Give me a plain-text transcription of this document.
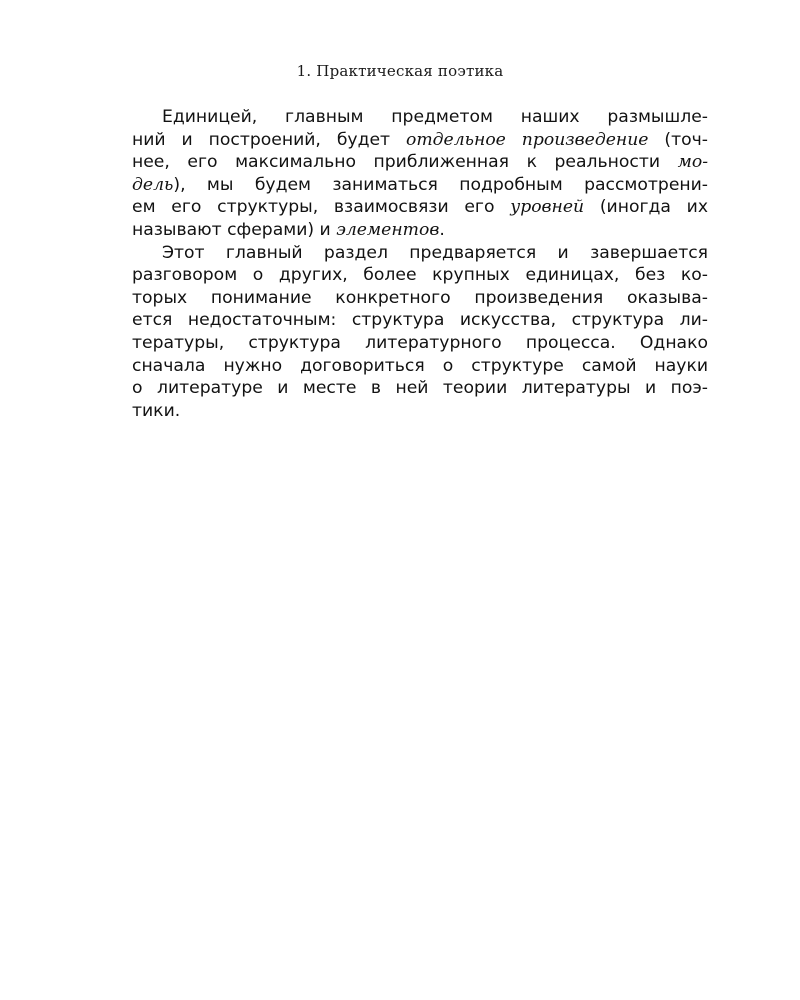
1. Практическая поэтика
Единицей, главным предметом наших размышле-
ний и построений, будет отдельное произведение (точ-
нее, его максимально приближенная к реальности мо-
дель), мы будем заниматься подробным рассмотрени-
ем его структуры, взаимосвязи его уровней (иногда их
называют сферами) и элементов.
Этот главный раздел предваряется и завершается
разговором о других, более крупных единицах, без ко-
торых понимание конкретного произведения оказыва-
ется недостаточным: структура искусства, структура ли-
тературы, структура литературного процесса. Однако
сначала нужно договориться о структуре самой науки
о литературе и месте в ней теории литературы и поэ-
тики.
